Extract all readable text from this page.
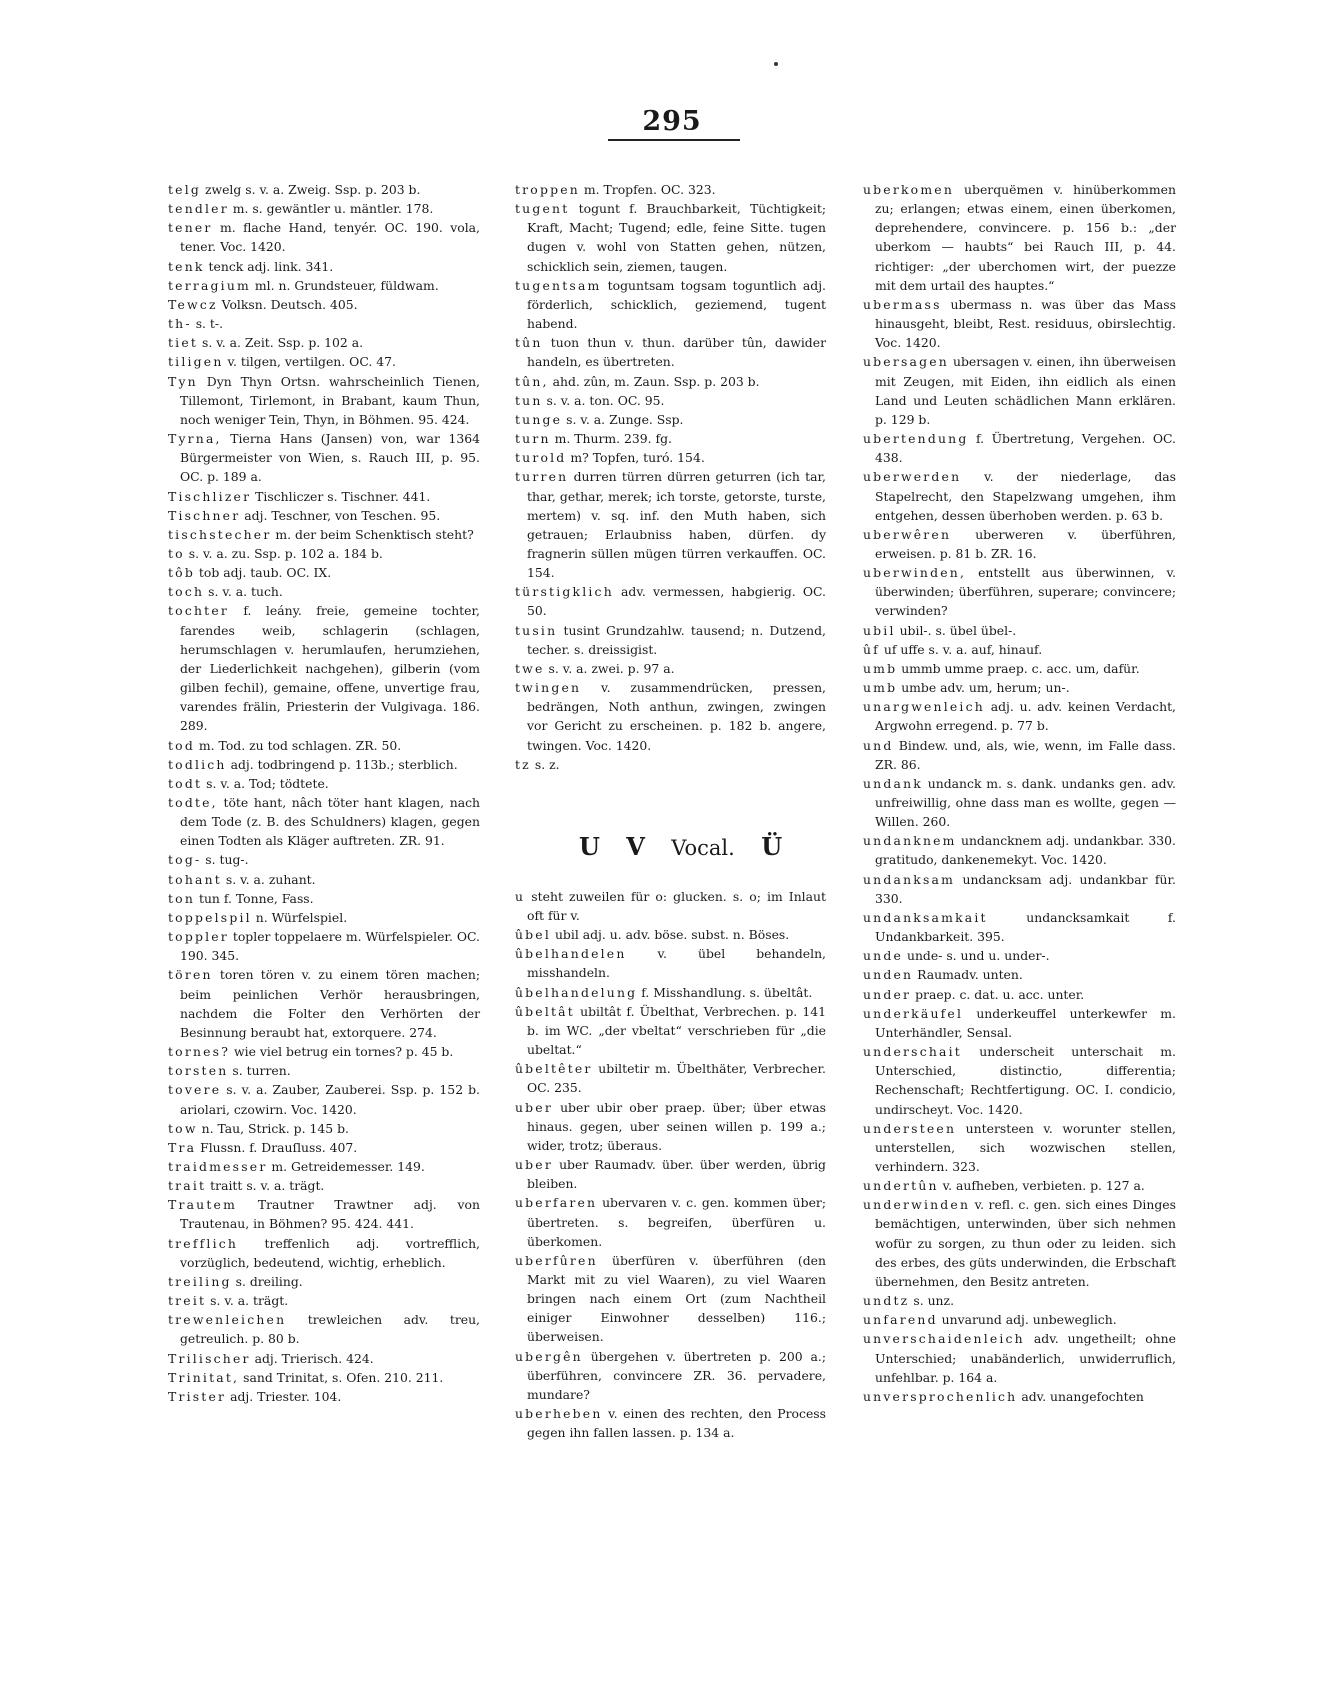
295

telg zwelg s. v. a. Zweig. Ssp. p. 203 b.

tendler m. s. gewäntler u. mäntler. 178.

tener m. flache Hand, tenyér. OC. 190. vola, tener. Voc. 1420.

tenk tenck adj. link. 341.

terragium ml. n. Grundsteuer, füldwam.

Tewcz Volksn. Deutsch. 405.

th- s. t-.

tiet s. v. a. Zeit. Ssp. p. 102 a.

tiligen v. tilgen, vertilgen. OC. 47.

Tyn Dyn Thyn Ortsn. wahrscheinlich Tienen, Tillemont, Tirlemont, in Brabant, kaum Thun, noch weniger Tein, Thyn, in Böhmen. 95. 424.

Tyrna, Tierna Hans (Jansen) von, war 1364 Bürgermeister von Wien, s. Rauch III, p. 95. OC. p. 189 a.

Tischlizer Tischliczer s. Tischner. 441.

Tischner adj. Teschner, von Teschen. 95.

tischstecher m. der beim Schenktisch steht?

to s. v. a. zu. Ssp. p. 102 a. 184 b.

tôb tob adj. taub. OC. IX.

toch s. v. a. tuch.

tochter f. leány. freie, gemeine tochter, farendes weib, schlagerin (schlagen, herumschlagen v. herumlaufen, herumziehen, der Liederlichkeit nachgehen), gilberin (vom gilben fechil), gemaine, offene, unvertige frau, varendes frälin, Priesterin der Vulgivaga. 186. 289.

tod m. Tod. zu tod schlagen. ZR. 50.

todlich adj. todbringend p. 113b.; sterblich.

todt s. v. a. Tod; tödtete.

todte, töte hant, nâch töter hant klagen, nach dem Tode (z. B. des Schuldners) klagen, gegen einen Todten als Kläger auftreten. ZR. 91.

tog- s. tug-.

tohant s. v. a. zuhant.

ton tun f. Tonne, Fass.

toppelspil n. Würfelspiel.

toppler topler toppelaere m. Würfelspieler. OC. 190. 345.

tören toren tören v. zu einem tören machen; beim peinlichen Verhör herausbringen, nachdem die Folter den Verhörten der Besinnung beraubt hat, extorquere. 274.

tornes? wie viel betrug ein tornes? p. 45 b.

torsten s. turren.

tovere s. v. a. Zauber, Zauberei. Ssp. p. 152 b. ariolari, czowirn. Voc. 1420.

tow n. Tau, Strick. p. 145 b.

Tra Flussn. f. Drauſluss. 407.

traidmesser m. Getreidemesser. 149.

trait traitt s. v. a. trägt.

Trautem Trautner Trawtner adj. von Trautenau, in Böhmen? 95. 424. 441.

trefflich treffenlich adj. vortrefflich, vorzüglich, bedeutend, wichtig, erheblich.

treiling s. dreiling.

treit s. v. a. trägt.

trewenleichen trewleichen adv. treu, getreulich. p. 80 b.

Trilischer adj. Trierisch. 424.

Trinitat, sand Trinitat, s. Ofen. 210. 211.

Trister adj. Triester. 104.

troppen m. Tropfen. OC. 323.

tugent togunt f. Brauchbarkeit, Tüchtigkeit; Kraft, Macht; Tugend; edle, feine Sitte. tugen dugen v. wohl von Statten gehen, nützen, schicklich sein, ziemen, taugen.

tugentsam toguntsam togsam toguntlich adj. förderlich, schicklich, geziemend, tugent habend.

tûn tuon thun v. thun. darüber tûn, dawider handeln, es übertreten.

tûn, ahd. zûn, m. Zaun. Ssp. p. 203 b.

tun s. v. a. ton. OC. 95.

tunge s. v. a. Zunge. Ssp.

turn m. Thurm. 239. fg.

turold m? Topfen, turó. 154.

turren durren türren dürren geturren (ich tar, thar, gethar, merek; ich torste, getorste, turste, mertem) v. sq. inf. den Muth haben, sich getrauen; Erlaubniss haben, dürfen. dy fragnerin süllen mügen türren verkauffen. OC. 154.

türstigklich adv. vermessen, habgierig. OC. 50.

tusin tusint Grundzahlw. tausend; n. Dutzend, techer. s. dreissigist.

twe s. v. a. zwei. p. 97 a.

twingen v. zusammendrücken, pressen, bedrängen, Noth anthun, zwingen, zwingen vor Gericht zu erscheinen. p. 182 b. angere, twingen. Voc. 1420.

tz s. z.

U V Vocal. Ü

u steht zuweilen für o: glucken. s. o; im Inlaut oft für v.

ûbel ubil adj. u. adv. böse. subst. n. Böses.

ûbelhandelen v. übel behandeln, misshandeln.

ûbelhandelung f. Misshandlung. s. übeltât.

ûbeltât ubiltât f. Übelthat, Verbrechen. p. 141 b. im WC. „der vbeltat“ verschrieben für „die ubeltat.“

ûbeltêter ubiltetir m. Übelthäter, Verbrecher. OC. 235.

uber uber ubir ober praep. über; über etwas hinaus. gegen, uber seinen willen p. 199 a.; wider, trotz; überaus.

uber uber Raumadv. über. über werden, übrig bleiben.

uberfaren ubervaren v. c. gen. kommen über; übertreten. s. begreifen, überfüren u. überkomen.

uberfûren überfüren v. überführen (den Markt mit zu viel Waaren), zu viel Waaren bringen nach einem Ort (zum Nachtheil einiger Einwohner desselben) 116.; überweisen.

ubergên übergehen v. übertreten p. 200 a.; überführen, convincere ZR. 36. pervadere, mundare?

uberheben v. einen des rechten, den Process gegen ihn fallen lassen. p. 134 a.

uberkomen uberquëmen v. hinüberkommen zu; erlangen; etwas einem, einen überkomen, deprehendere, convincere. p. 156 b.: „der uberkom — haubts“ bei Rauch III, p. 44. richtiger: „der uberchomen wirt, der puezze mit dem urtail des hauptes.“

ubermass ubermass n. was über das Mass hinausgeht, bleibt, Rest. residuus, obirslechtig. Voc. 1420.

ubersagen ubersagen v. einen, ihn überweisen mit Zeugen, mit Eiden, ihn eidlich als einen Land und Leuten schädlichen Mann erklären. p. 129 b.

ubertendung f. Übertretung, Vergehen. OC. 438.

uberwerden v. der niederlage, das Stapelrecht, den Stapelzwang umgehen, ihm entgehen, dessen überhoben werden. p. 63 b.

uberwêren uberweren v. überführen, erweisen. p. 81 b. ZR. 16.

uberwinden, entstellt aus überwinnen, v. überwinden; überführen, superare; convincere; verwinden?

ubil ubil-. s. übel übel-.

ûf uf uffe s. v. a. auf, hinauf.

umb ummb umme praep. c. acc. um, dafür.

umb umbe adv. um, herum; un-.

unargwenleich adj. u. adv. keinen Verdacht, Argwohn erregend. p. 77 b.

und Bindew. und, als, wie, wenn, im Falle dass. ZR. 86.

undank undanck m. s. dank. undanks gen. adv. unfreiwillig, ohne dass man es wollte, gegen — Willen. 260.

undanknem undancknem adj. undankbar. 330. gratitudo, dankenemekyt. Voc. 1420.

undanksam undancksam adj. undankbar für. 330.

undanksamkait undancksamkait f. Undankbarkeit. 395.

unde unde- s. und u. under-.

unden Raumadv. unten.

under praep. c. dat. u. acc. unter.

underkäufel underkeuffel unterkewfer m. Unterhändler, Sensal.

underschait underscheit unterschait m. Unterschied, distinctio, differentia; Rechenschaft; Rechtfertigung. OC. I. condicio, undirscheyt. Voc. 1420.

understeen untersteen v. worunter stellen, unterstellen, sich wozwischen stellen, verhindern. 323.

undertûn v. aufheben, verbieten. p. 127 a.

underwinden v. refl. c. gen. sich eines Dinges bemächtigen, unterwinden, über sich nehmen wofür zu sorgen, zu thun oder zu leiden. sich des erbes, des güts underwinden, die Erbschaft übernehmen, den Besitz antreten.

undtz s. unz.

unfarend unvarund adj. unbeweglich.

unverschaidenleich adv. ungetheilt; ohne Unterschied; unabänderlich, unwiderruflich, unfehlbar. p. 164 a.

unversprochenlich adv. unangefochten
